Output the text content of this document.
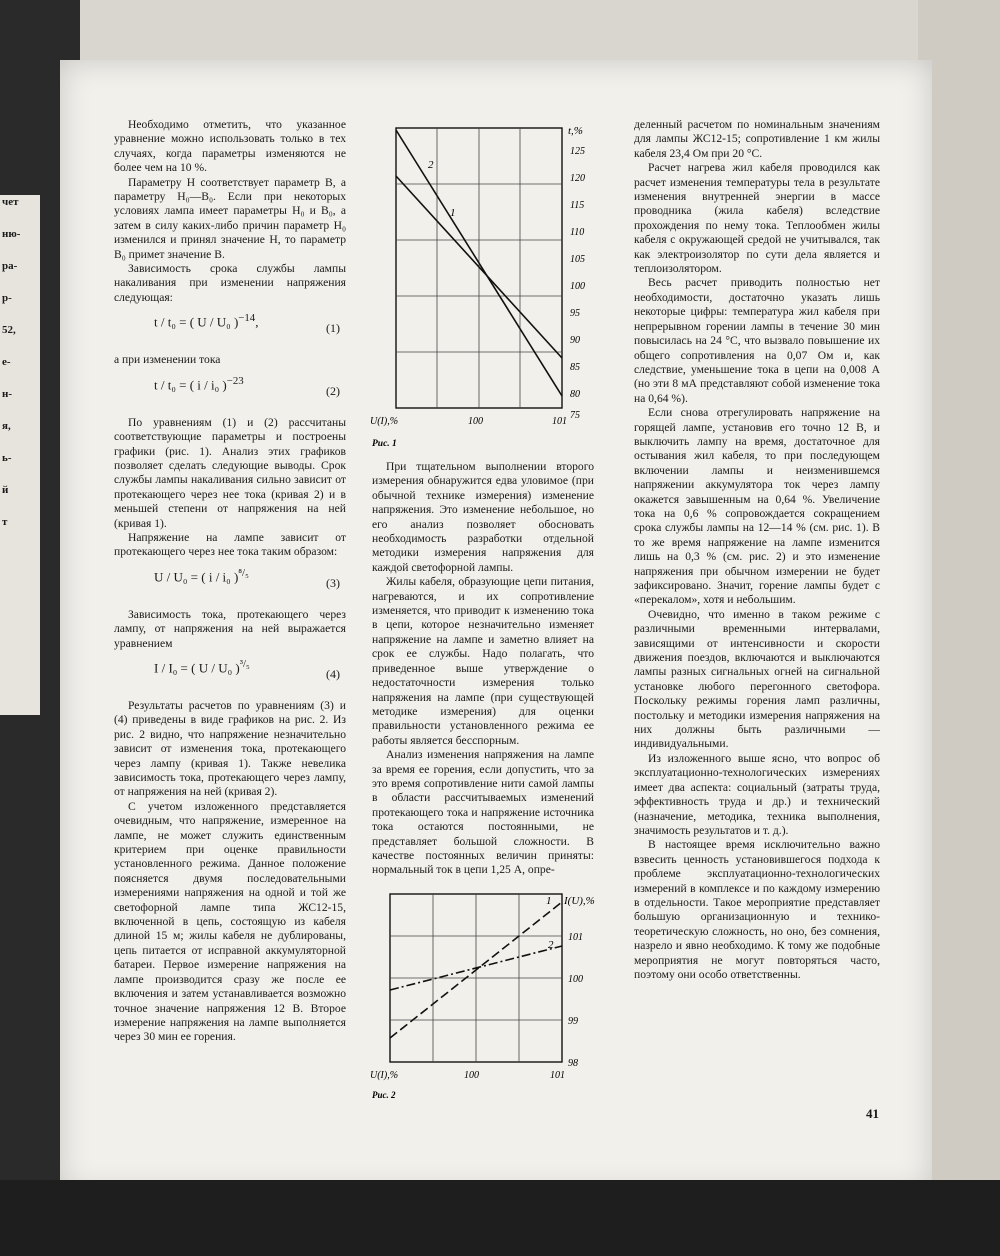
чет
ню-
ра-
р-
52,
е-
н-
я,
ь-
й
т

Необходимо отметить, что указанное уравнение можно использовать только в тех случаях, когда параметры изменяются не более чем на 10 %.

Параметру H соответствует параметр B, а параметру H₀—B₀. Если при некоторых условиях лампа имеет параметры H₀ и B₀, а затем в силу каких-либо причин параметр H₀ изменился и принял значение H, то параметр B₀ примет значение B.

Зависимость срока службы лампы накаливания при изменении напряжения следующая:

t / t₀ = ( U / U₀ )$^{-14}$,	(1)

а при изменении тока

t / t₀ = ( i / i₀ )$^{-23}$
(2)

По уравнениям (1) и (2) рассчитаны соответствующие параметры и построены графики (рис. 1). Анализ этих графиков позволяет сделать следующие выводы. Срок службы лампы накаливания сильно зависит от протекающего через нее тока (кривая 2) и в меньшей степени от напряжения на ней (кривая 1).

Напряжение на лампе зависит от протекающего через нее тока таким образом:

U / U₀ = ( i / i₀ )$^{^8/_5}$
(3)

Зависимость тока, протекающего через лампу, от напряжения на ней выражается уравнением

I / I₀ = ( U / U₀ )$^{^3/_5}$
(4)

Результаты расчетов по уравнениям (3) и (4) приведены в виде графиков на рис. 2. Из рис. 2 видно, что напряжение незначительно зависит от изменения тока, протекающего через лампу (кривая 1). Также невелика зависимость тока, протекающего через лампу, от напряжения на ней (кривая 2).

С учетом изложенного представляется очевидным, что напряжение, измеренное на лампе, не может служить единственным критерием при оценке правильности установленного режима. Данное положение поясняется двумя последовательными измерениями напряжения на одной и той же светофорной лампе типа ЖС12-15, включенной в цепь, состоящую из кабеля длиной 15 м; жилы кабеля не дублированы, цепь питается от исправной аккумуляторной батареи. Первое измерение напряжения на лампе производится сразу же после ее включения и затем устанавливается возможно точное значение напряжения 12 В. Второе измерение напряжения на лампе выполняется через 30 мин ее горения.

2
1
t,%
125
120
115
110
105
100
95
90
85
80
75
U(I),%	100	101
Рис. 1

При тщательном выполнении второго измерения обнаружится едва уловимое (при обычной технике измерения) изменение напряжения. Это изменение небольшое, но его анализ позволяет обосновать необходимость разработки отдельной методики измерения напряжения для каждой светофорной лампы.

Жилы кабеля, образующие цепи питания, нагреваются, и их сопротивление изменяется, что приводит к изменению тока в цепи, которое незначительно изменяет напряжение на лампе и заметно влияет на срок ее службы. Надо полагать, что приведенное выше утверждение о недостаточности измерения только напряжения на лампе (при существующей методике измерения) для оценки правильности установленного режима ее работы является бесспорным.

Анализ изменения напряжения на лампе за время ее горения, если допустить, что за это время сопротивление нити самой лампы в области рассчитываемых изменений протекающего тока и напряжение источника тока остаются постоянными, не представляет большой сложности. В качестве постоянных величин приняты: нормальный ток в цепи 1,25 А, опре-

1
2
I(U),%
101
100
99
98
U(I),%	100	101
Рис. 2

деленный расчетом по номинальным значениям для лампы ЖС12-15; сопротивление 1 км жилы кабеля 23,4 Ом при 20 °С.

Расчет нагрева жил кабеля проводился как расчет изменения температуры тела в результате изменения внутренней энергии в массе проводника (жила кабеля) вследствие прохождения по нему тока. Теплообмен жилы кабеля с окружающей средой не учитывался, так как электроизолятор по сути дела является и теплоизолятором.

Весь расчет приводить полностью нет необходимости, достаточно указать лишь некоторые цифры: температура жил кабеля при непрерывном горении лампы в течение 30 мин повысилась на 24 °С, что вызвало повышение их общего сопротивления на 0,07 Ом и, как следствие, уменьшение тока в цепи на 0,008 А (но эти 8 мА представляют собой изменение тока на 0,64 %).

Если снова отрегулировать напряжение на горящей лампе, установив его точно 12 В, и выключить лампу на время, достаточное для остывания жил кабеля, то при последующем включении лампы и неизменившемся напряжении аккумулятора ток через лампу окажется завышенным на 0,64 %. Увеличение тока на 0,6 % сопровождается сокращением срока службы лампы на 12—14 % (см. рис. 1). В то же время напряжение на лампе изменится лишь на 0,3 % (см. рис. 2) и это изменение напряжения при обычном измерении не будет зафиксировано. Значит, горение лампы будет с «перекалом», хотя и небольшим.

Очевидно, что именно в таком режиме с различными временными интервалами, зависящими от интенсивности и скорости движения поездов, включаются и выключаются лампы разных сигнальных огней на сигнальной установке любого перегонного светофора. Поскольку режимы горения ламп различны, постольку и методики измерения напряжения на них должны быть различными — индивидуальными.

Из изложенного выше ясно, что вопрос об эксплуатационно-технологических измерениях имеет два аспекта: социальный (затраты труда, эффективность труда и др.) и технический (назначение, методика, техника выполнения, значимость результатов и т. д.).

В настоящее время исключительно важно взвесить ценность установившегося подхода к проблеме эксплуатационно-технологических измерений в комплексе и по каждому измерению в отдельности. Такое мероприятие представляет большую организационную и технико-теоретическую сложность, но оно, без сомнения, назрело и явно необходимо. К тому же подобные мероприятия не могут повторяться часто, поэтому они особо ответственны.

41
